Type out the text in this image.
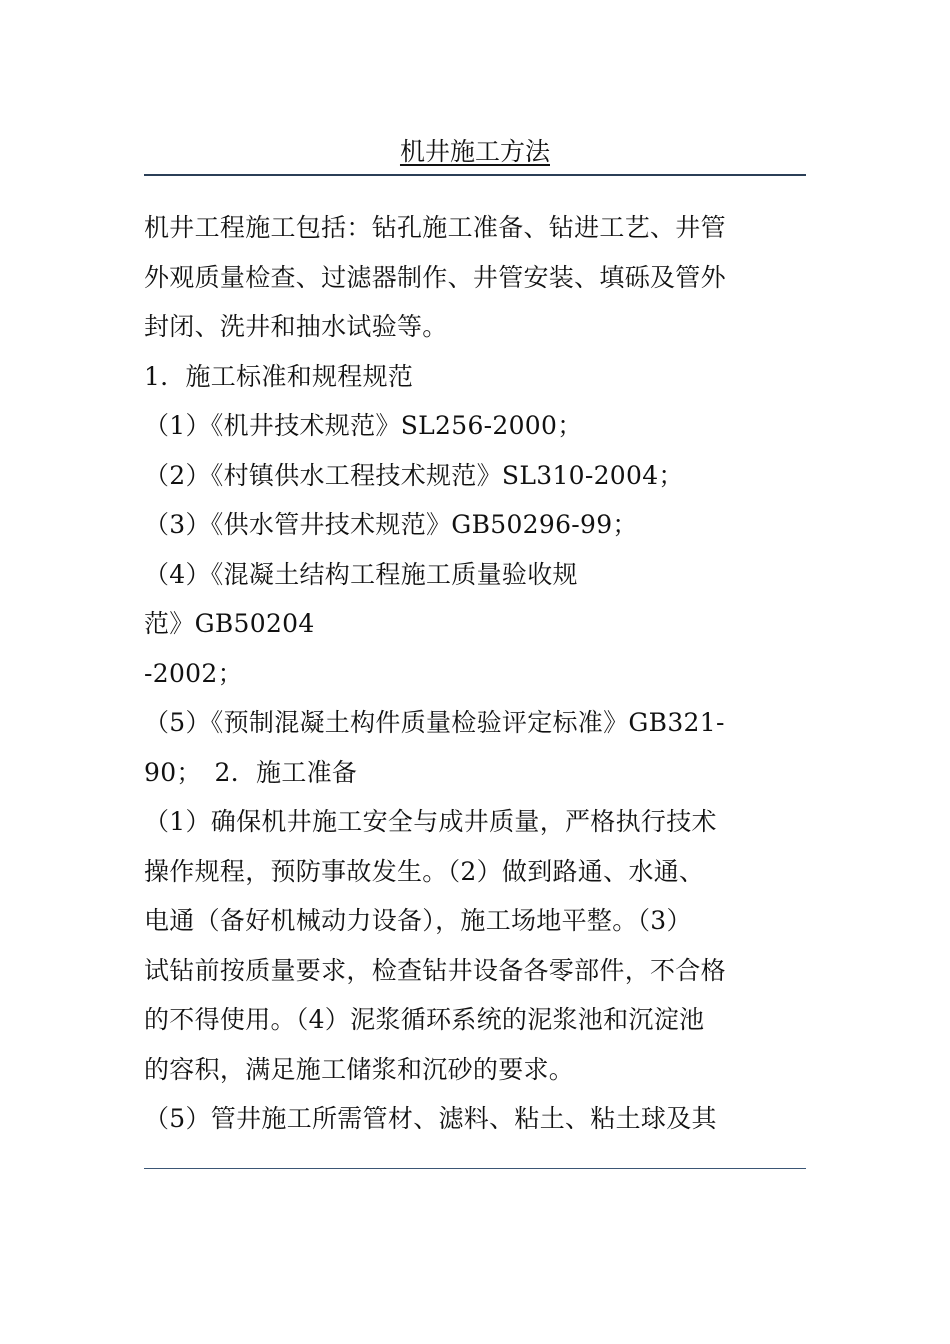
机井施工方法
机井工程施工包括：钻孔施工准备、钻进工艺、井管
外观质量检查、过滤器制作、井管安装、填砾及管外
封闭、洗井和抽水试验等。
1．施工标准和规程规范
（1）《机井技术规范》SL256-2000；
（2）《村镇供水工程技术规范》SL310-2004；
（3）《供水管井技术规范》GB50296-99；
（4）《混凝土结构工程施工质量验收规
范》GB50204
-2002；
（5）《预制混凝土构件质量检验评定标准》GB321-
90；　2．施工准备
（1）确保机井施工安全与成井质量，严格执行技术
操作规程，预防事故发生。（2）做到路通、水通、
电通（备好机械动力设备），施工场地平整。（3）
试钻前按质量要求，检查钻井设备各零部件，不合格
的不得使用。（4）泥浆循环系统的泥浆池和沉淀池
的容积，满足施工储浆和沉砂的要求。
（5）管井施工所需管材、滤料、粘土、粘土球及其
